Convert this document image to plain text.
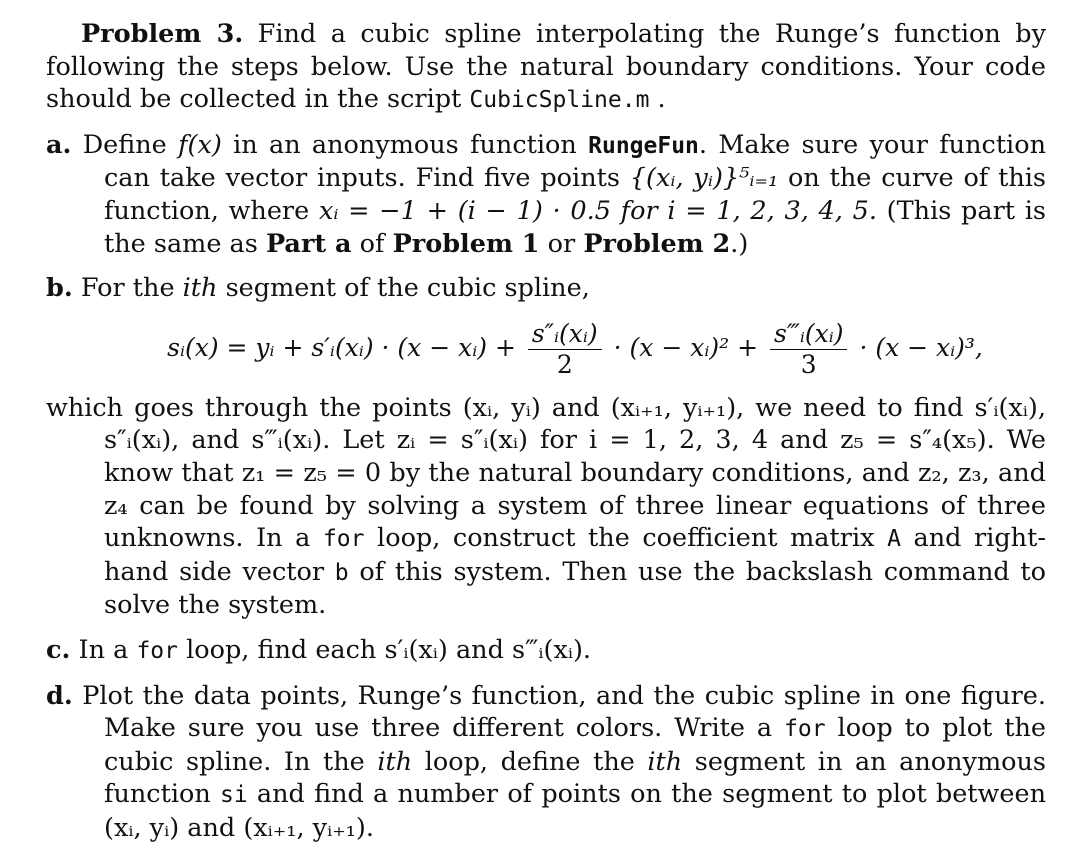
Problem 3. Find a cubic spline interpolating the Runge’s function by following the steps below. Use the natural boundary conditions. Your code should be collected in the script CubicSpline.m .

a. Define f(x) in an anonymous function RungeFun. Make sure your function can take vector inputs. Find five points {(xᵢ, yᵢ)}⁵ᵢ₌₁ on the curve of this function, where xᵢ = −1 + (i − 1) · 0.5 for i = 1, 2, 3, 4, 5. (This part is the same as Part a of Problem 1 or Problem 2.)

b. For the ith segment of the cubic spline,

sᵢ(x) = yᵢ + s′ᵢ(xᵢ) · (x − xᵢ) + $\frac{\text{s″ᵢ(xᵢ)}}{2} \cdot (x$ − xᵢ)² + $\frac{\text{s‴ᵢ(xᵢ)}}{3} \cdot (x$ − xᵢ)³,

which goes through the points (xᵢ, yᵢ) and (xᵢ₊₁, yᵢ₊₁), we need to find s′ᵢ(xᵢ), s″ᵢ(xᵢ), and s‴ᵢ(xᵢ). Let zᵢ = s″ᵢ(xᵢ) for i = 1, 2, 3, 4 and z₅ = s″₄(x₅). We know that z₁ = z₅ = 0 by the natural boundary conditions, and z₂, z₃, and z₄ can be found by solving a system of three linear equations of three unknowns. In a for loop, construct the coefficient matrix A and right-hand side vector b of this system. Then use the backslash command to solve the system.

c. In a for loop, find each s′ᵢ(xᵢ) and s‴ᵢ(xᵢ).

d. Plot the data points, Runge’s function, and the cubic spline in one figure. Make sure you use three different colors. Write a for loop to plot the cubic spline. In the ith loop, define the ith segment in an anonymous function si and find a number of points on the segment to plot between (xᵢ, yᵢ) and (xᵢ₊₁, yᵢ₊₁).
